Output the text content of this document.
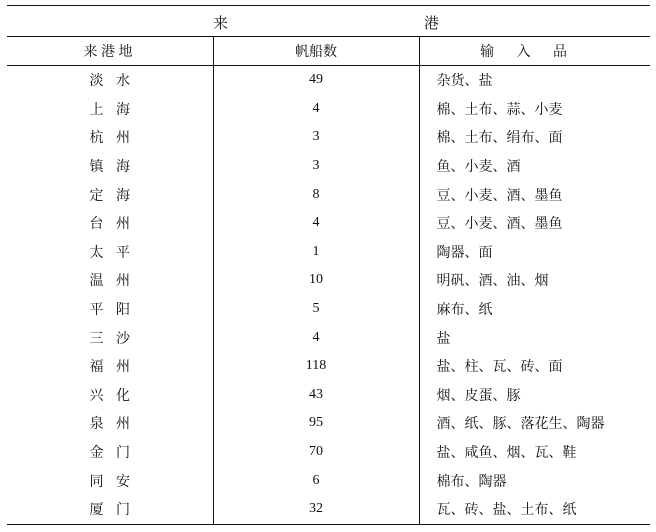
来 港		

来港地	帆船数	输入品
淡水	49	杂货、盐
上海	4	棉、土布、蒜、小麦
杭州	3	棉、土布、绢布、面
镇海	3	鱼、小麦、酒
定海	8	豆、小麦、酒、墨鱼
台州	4	豆、小麦、酒、墨鱼
太平	1	陶器、面
温州	10	明矾、酒、油、烟
平阳	5	麻布、纸
三沙	4	盐
福州	118	盐、柱、瓦、砖、面
兴化	43	烟、皮蛋、豚
泉州	95	酒、纸、豚、落花生、陶器
金门	70	盐、咸鱼、烟、瓦、鞋
同安	6	棉布、陶器
厦门	32	瓦、砖、盐、土布、纸
